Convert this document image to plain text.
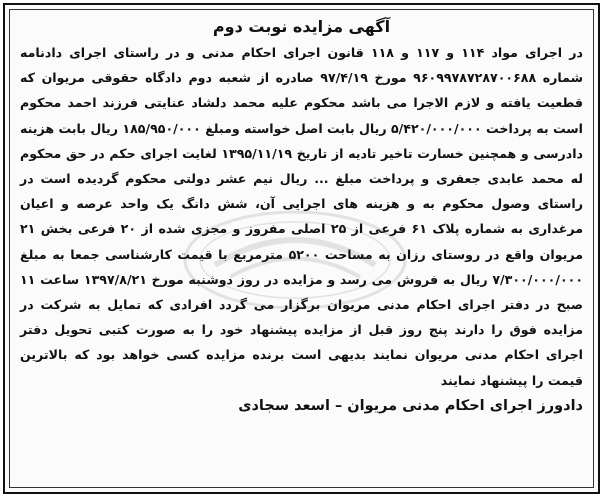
آگهی مزایده نوبت دوم
در اجرای مواد ۱۱۴ و ۱۱۷ و ۱۱۸ قانون اجرای احکام مدنی و در راستای اجرای دادنامه شماره ۹۶۰۹۹۷۸۷۲۸۷۰۰۶۸۸ مورخ ۹۷/۴/۱۹ صادره از شعبه دوم دادگاه حقوقی مریوان که قطعیت یافته و لازم الاجرا می باشد محکوم علیه محمد دلشاد عنایتی فرزند احمد محکوم است به پرداخت ۵/۴۲۰/۰۰۰/۰۰۰ ریال بابت اصل خواسته ومبلغ ۱۸۵/۹۵۰/۰۰۰ ریال بابت هزینه دادرسی و همچنین خسارت تاخیر تادیه از تاریخ ۱۳۹۵/۱۱/۱۹ لغایت اجرای حکم در حق محکوم له محمد عابدی جعفری و پرداخت مبلغ ... ریال نیم عشر دولتی محکوم گردیده است در راستای وصول محکوم به و هزینه های اجرایی آن، شش دانگ یک واحد عرصه و اعیان مرغداری به شماره پلاک ۶۱ فرعی از ۲۵ اصلی مفروز و مجزی شده از ۲۰ فرعی بخش ۲۱ مریوان واقع در روستای رزان به مساحت ۵۲۰۰ مترمربع با قیمت کارشناسی جمعا به مبلغ ۷/۳۰۰/۰۰۰/۰۰۰ ریال به فروش می رسد و مزایده در روز دوشنبه مورخ ۱۳۹۷/۸/۲۱ ساعت ۱۱ صبح در دفتر اجرای احکام مدنی مریوان برگزار می گردد افرادی که تمایل به شرکت در مزایده فوق را دارند پنج روز قبل از مزایده پیشنهاد خود را به صورت کتبی تحویل دفتر اجرای احکام مدنی مریوان نمایند بدیهی است برنده مزایده کسی خواهد بود که بالاترین قیمت را پیشنهاد نمایند
دادورز اجرای احکام مدنی مریوان – اسعد سجادی
